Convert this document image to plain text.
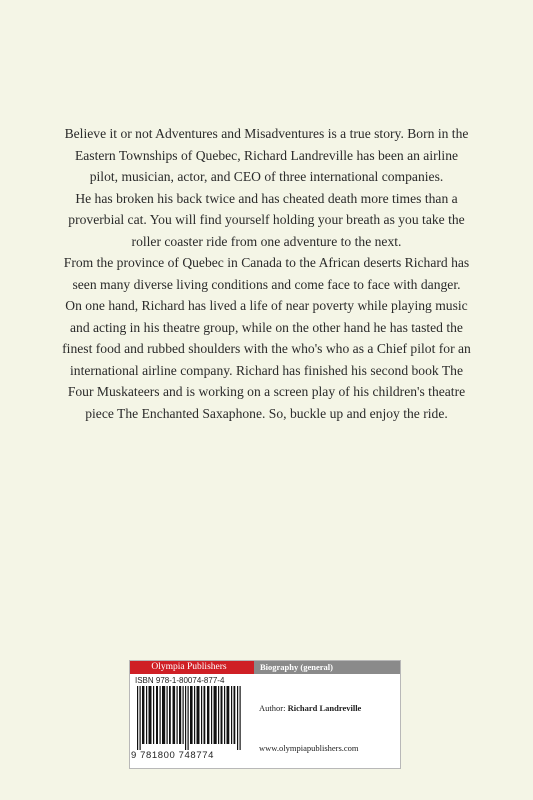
Believe it or not Adventures and Misadventures is a true story. Born in the Eastern Townships of Quebec, Richard Landreville has been an airline pilot, musician, actor, and CEO of three international companies.

He has broken his back twice and has cheated death more times than a proverbial cat. You will find yourself holding your breath as you take the roller coaster ride from one adventure to the next.

From the province of Quebec in Canada to the African deserts Richard has seen many diverse living conditions and come face to face with danger.

On one hand, Richard has lived a life of near poverty while playing music and acting in his theatre group, while on the other hand he has tasted the finest food and rubbed shoulders with the who's who as a Chief pilot for an international airline company. Richard has finished his second book The Four Muskateers and is working on a screen play of his children's theatre piece The Enchanted Saxaphone. So, buckle up and enjoy the ride.

Olympia Publishers	Biography (general)
ISBN 978-1-80074-877-4
9 781800 748774
Author: Richard Landreville
www.olympiapublishers.com
